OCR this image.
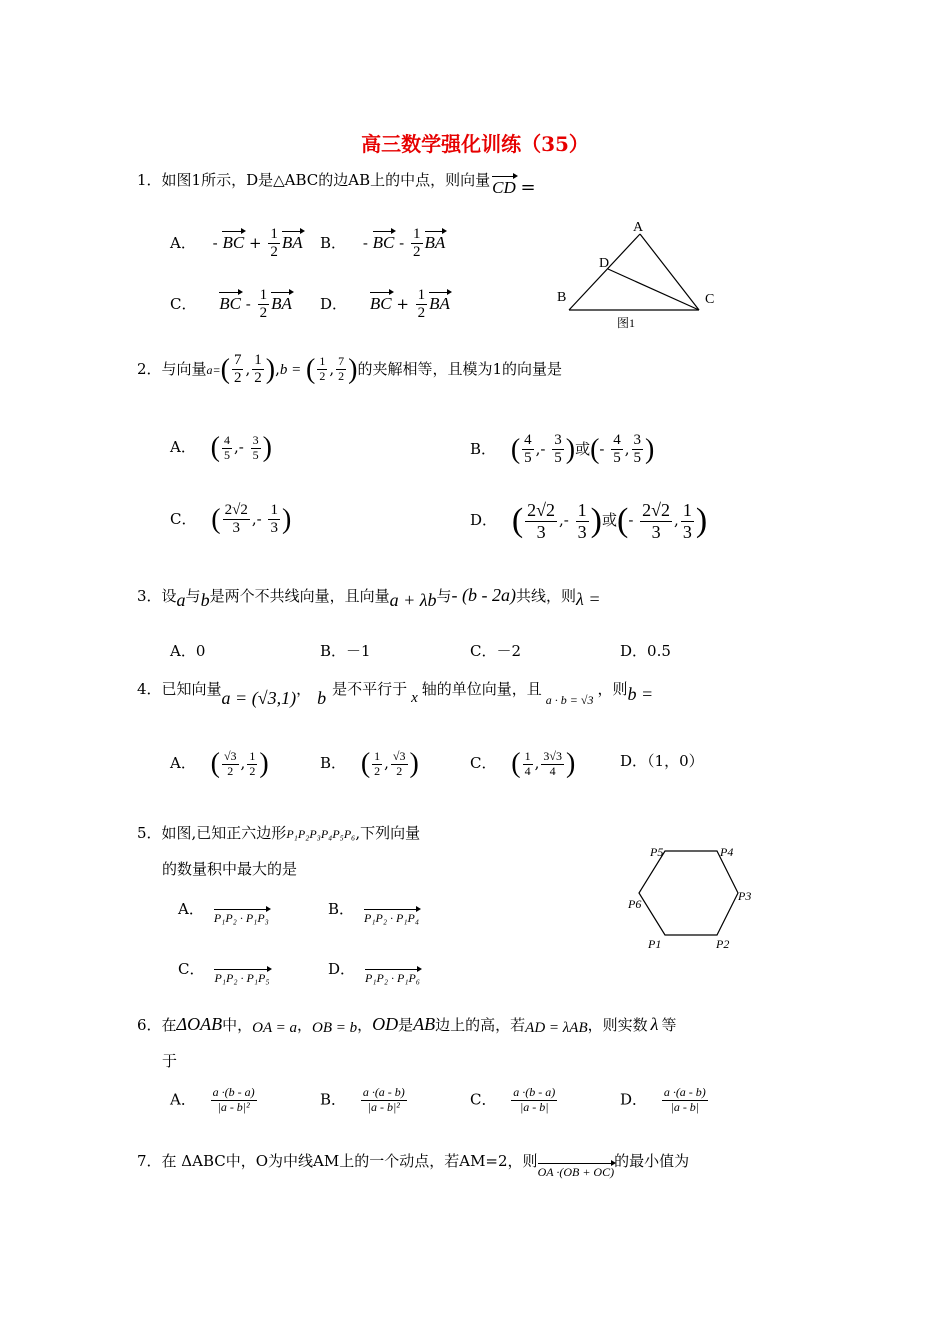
高三数学强化训练（35）
1．如图1所示，D是△ABC的边AB上的中点，则向量 CD =
A． - BC + $\frac{1}{2}$ BA B． - BC - $\frac{1}{2}$ BA
C． BC - $\frac{1}{2}$ BA D． BC + $\frac{1}{2}$ BA
A
D
B	C
图1
2．与向量$a=( \frac{7}{2}$ , $\frac{1}{2} ),b$ = ( $\frac{1}{2}$ , $\frac{7}{2}$ )的夹解相等，且模为1的向量是
A． ( $\frac{4}{5}$ ,- $\frac{3}{5}$ )	B． ( $\frac{4}{5}$ ,- $\frac{3}{5}$ )或(- $\frac{4}{5}$ , $\frac{3}{5}$ )
C． ( $\frac{2√2}{3}$ ,- $\frac{1}{3}$ )	D． ( $\frac{2√2}{3}$ ,- $\frac{1}{3}$ )或(- $\frac{2√2}{3}$ , $\frac{1}{3}$ )
3．设a与b是两个不共线向量，且向量a + λb与- (b - 2a)共线，则λ =
A．0	B．－1	C．－2	D．0.5
4．已知向量a = (√3,1)， b 是不平行于 x 轴的单位向量，且$_{a \cdot b = √3}$，则b =
A． ( $\frac{√3}{2}$ , $\frac{1}{2}$ )	B． ( $\frac{1}{2}$ , $\frac{√3}{2}$ )	C． ( $\frac{1}{4}$ , $\frac{3√3}{4}$ )	D．（1，0）
5．如图,已知正六边形P₁P₂P₃P₄P₅P₆,下列向量
的数量积中最大的是
A． P₁P₂ · P₁P₃	B． P₁P₂ · P₁P₄
C． P₁P₂ · P₁P₅	D． P₁P₂ · P₁P₆
P5	P4
P3
P6
P1	P2
6．在ΔOAB中，OA = a，OB = b，OD是AB边上的高，若AD = λAB，则实数 λ 等
于
A． $\frac{a \cdot(b - a)}{\text{|a - b|²}}$	B． $\frac{a \cdot(a - b)}{\text{|a - b|²}}$	C． $\frac{a \cdot(b - a)}{|a - b|}$	D． $\frac{a \cdot(a - b)}{|a - b|}$
7．在 ΔABC中，O为中线AM上的一个动点，若AM=2，则OA ·(OB + OC)的最小值为
